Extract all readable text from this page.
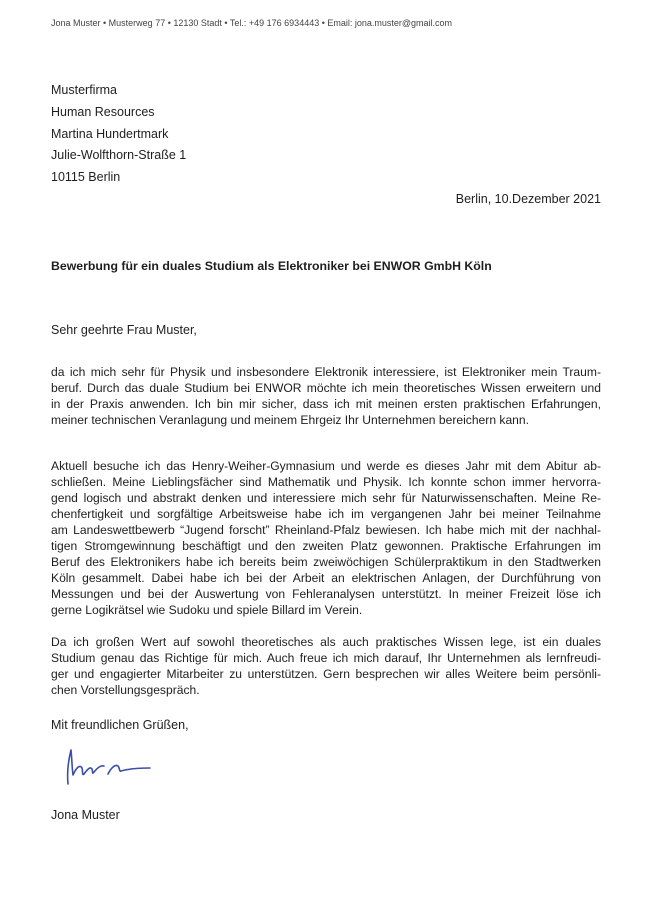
Jona Muster • Musterweg 77 • 12130 Stadt • Tel.: +49 176 6934443 • Email: jona.muster@gmail.com
Musterfirma
Human Resources
Martina Hundertmark
Julie-Wolfthorn-Straße 1
10115 Berlin
Berlin, 10.Dezember 2021
Bewerbung für ein duales Studium als Elektroniker bei ENWOR GmbH Köln
Sehr geehrte Frau Muster,
da ich mich sehr für Physik und insbesondere Elektronik interessiere, ist Elektroniker mein Traum-
beruf. Durch das duale Studium bei ENWOR möchte ich mein theoretisches Wissen erweitern und
in der Praxis anwenden. Ich bin mir sicher, dass ich mit meinen ersten praktischen Erfahrungen,
meiner technischen Veranlagung und meinem Ehrgeiz Ihr Unternehmen bereichern kann.
Aktuell besuche ich das Henry-Weiher-Gymnasium und werde es dieses Jahr mit dem Abitur ab-
schließen. Meine Lieblingsfächer sind Mathematik und Physik. Ich konnte schon immer hervorra-
gend logisch und abstrakt denken und interessiere mich sehr für Naturwissenschaften. Meine Re-
chenfertigkeit und sorgfältige Arbeitsweise habe ich im vergangenen Jahr bei meiner Teilnahme
am Landeswettbewerb “Jugend forscht” Rheinland-Pfalz bewiesen. Ich habe mich mit der nachhal-
tigen Stromgewinnung beschäftigt und den zweiten Platz gewonnen. Praktische Erfahrungen im
Beruf des Elektronikers habe ich bereits beim zweiwöchigen Schülerpraktikum in den Stadtwerken
Köln gesammelt. Dabei habe ich bei der Arbeit an elektrischen Anlagen, der Durchführung von
Messungen und bei der Auswertung von Fehleranalysen unterstützt. In meiner Freizeit löse ich
gerne Logikrätsel wie Sudoku und spiele Billard im Verein.
Da ich großen Wert auf sowohl theoretisches als auch praktisches Wissen lege, ist ein duales
Studium genau das Richtige für mich. Auch freue ich mich darauf, Ihr Unternehmen als lernfreudi-
ger und engagierter Mitarbeiter zu unterstützen. Gern besprechen wir alles Weitere beim persönli-
chen Vorstellungsgespräch.
Mit freundlichen Grüßen,
Jona Muster
